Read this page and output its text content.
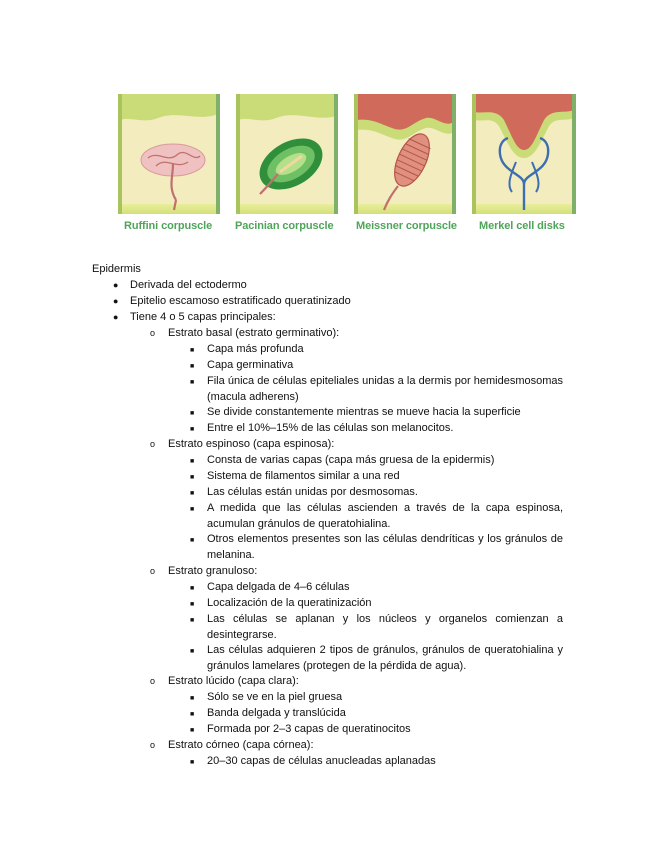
Ruffini corpuscle Pacinian corpuscle Meissner corpuscle Merkel cell disks
Epidermis
● Derivada del ectodermo
● Epitelio escamoso estratificado queratinizado
● Tiene 4 o 5 capas principales:
o Estrato basal (estrato germinativo):
■ Capa más profunda
■ Capa germinativa
■ Fila única de células epiteliales unidas a la dermis por hemidesmosomas (macula adherens)
■ Se divide constantemente mientras se mueve hacia la superficie
■ Entre el 10%–15% de las células son melanocitos.
o Estrato espinoso (capa espinosa):
■ Consta de varias capas (capa más gruesa de la epidermis)
■ Sistema de filamentos similar a una red
■ Las células están unidas por desmosomas.
■ A medida que las células ascienden a través de la capa espinosa, acumulan gránulos de queratohialina.
■ Otros elementos presentes son las células dendríticas y los gránulos de melanina.
o Estrato granuloso:
■ Capa delgada de 4–6 células
■ Localización de la queratinización
■ Las células se aplanan y los núcleos y organelos comienzan a desintegrarse.
■ Las células adquieren 2 tipos de gránulos, gránulos de queratohialina y gránulos lamelares (protegen de la pérdida de agua).
o Estrato lúcido (capa clara):
■ Sólo se ve en la piel gruesa
■ Banda delgada y translúcida
■ Formada por 2–3 capas de queratinocitos
o Estrato córneo (capa córnea):
■ 20–30 capas de células anucleadas aplanadas
